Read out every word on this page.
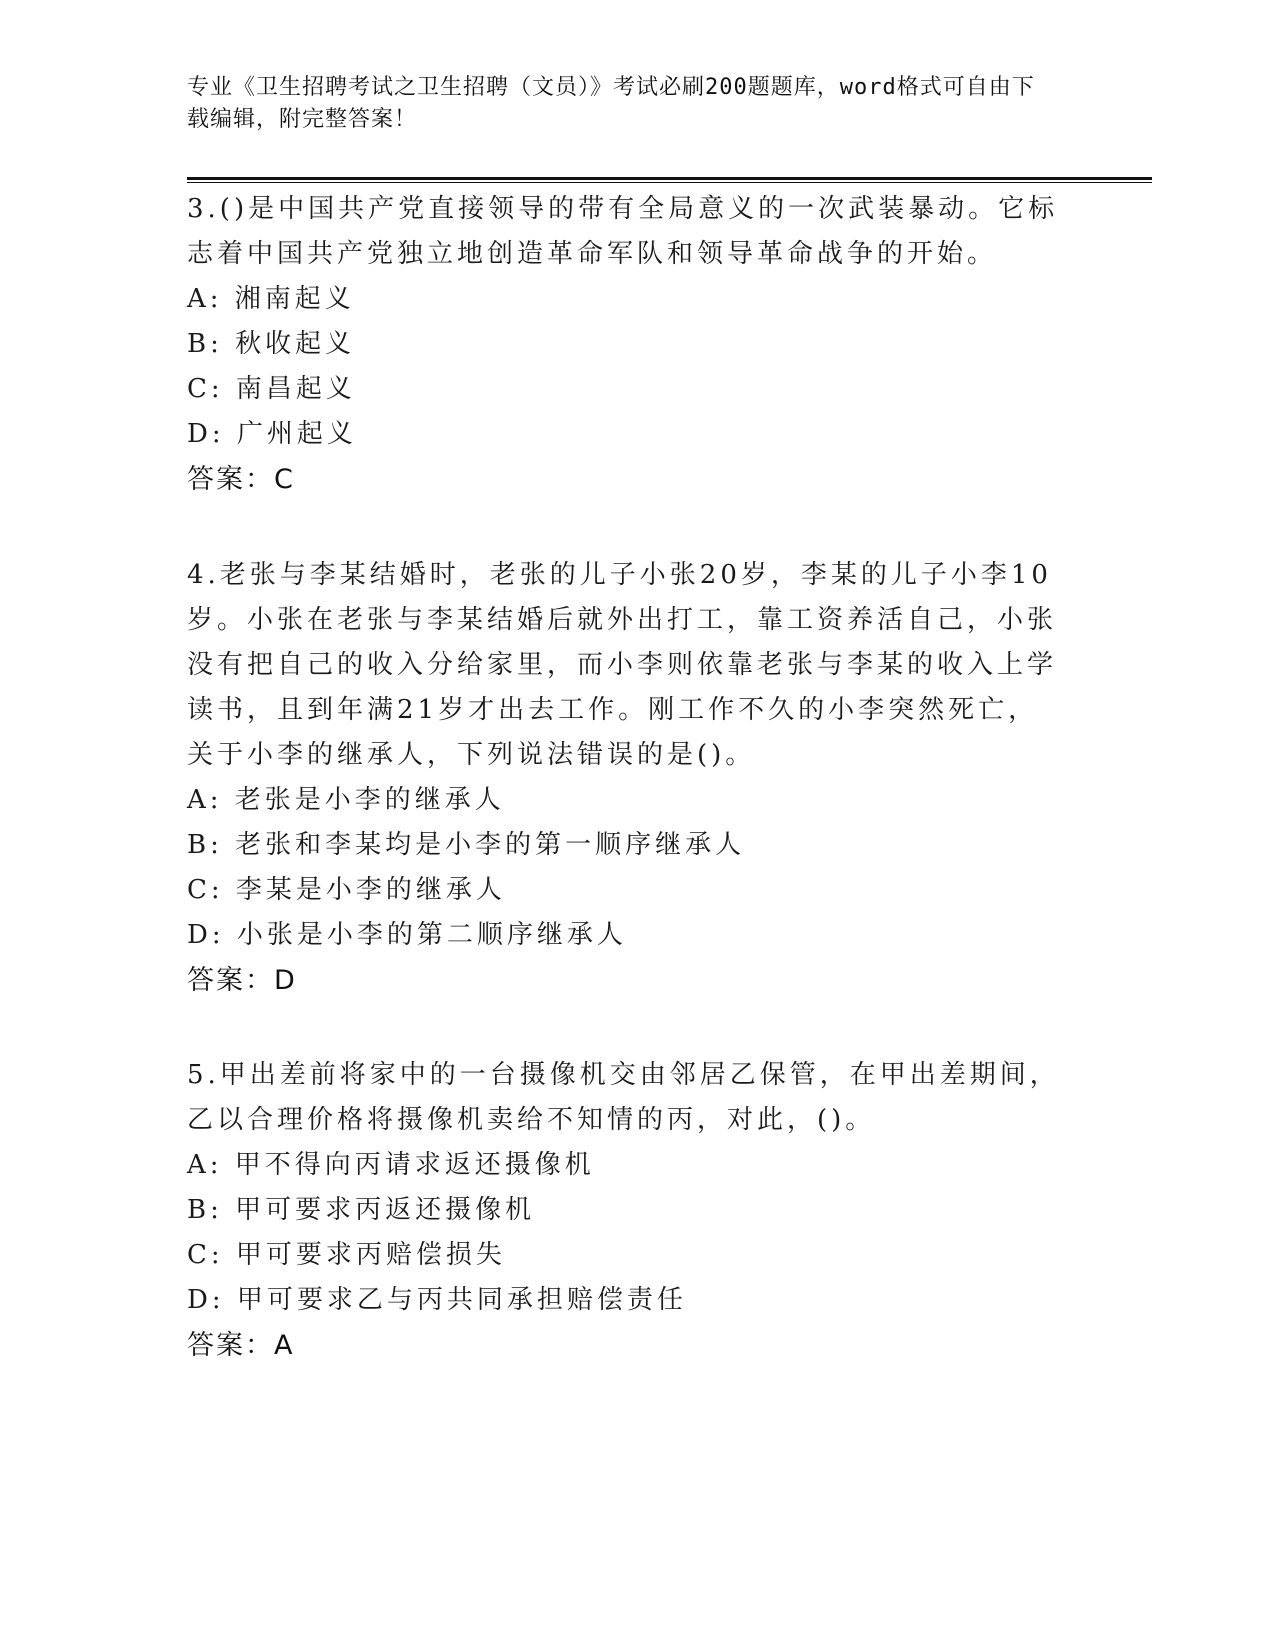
专业《卫生招聘考试之卫生招聘（文员）》考试必刷200题题库，word格式可自由下载编辑，附完整答案！

3.()是中国共产党直接领导的带有全局意义的一次武装暴动。它标志着中国共产党独立地创造革命军队和领导革命战争的开始。

A: 湘南起义

B: 秋收起义

C: 南昌起义

D: 广州起义

答案：C

4.老张与李某结婚时，老张的儿子小张20岁，李某的儿子小李10岁。小张在老张与李某结婚后就外出打工，靠工资养活自己，小张没有把自己的收入分给家里，而小李则依靠老张与李某的收入上学读书，且到年满21岁才出去工作。刚工作不久的小李突然死亡，关于小李的继承人，下列说法错误的是()。

A: 老张是小李的继承人

B: 老张和李某均是小李的第一顺序继承人

C: 李某是小李的继承人

D: 小张是小李的第二顺序继承人

答案：D

5.甲出差前将家中的一台摄像机交由邻居乙保管，在甲出差期间，乙以合理价格将摄像机卖给不知情的丙，对此，()。

A: 甲不得向丙请求返还摄像机

B: 甲可要求丙返还摄像机

C: 甲可要求丙赔偿损失

D: 甲可要求乙与丙共同承担赔偿责任

答案：A
